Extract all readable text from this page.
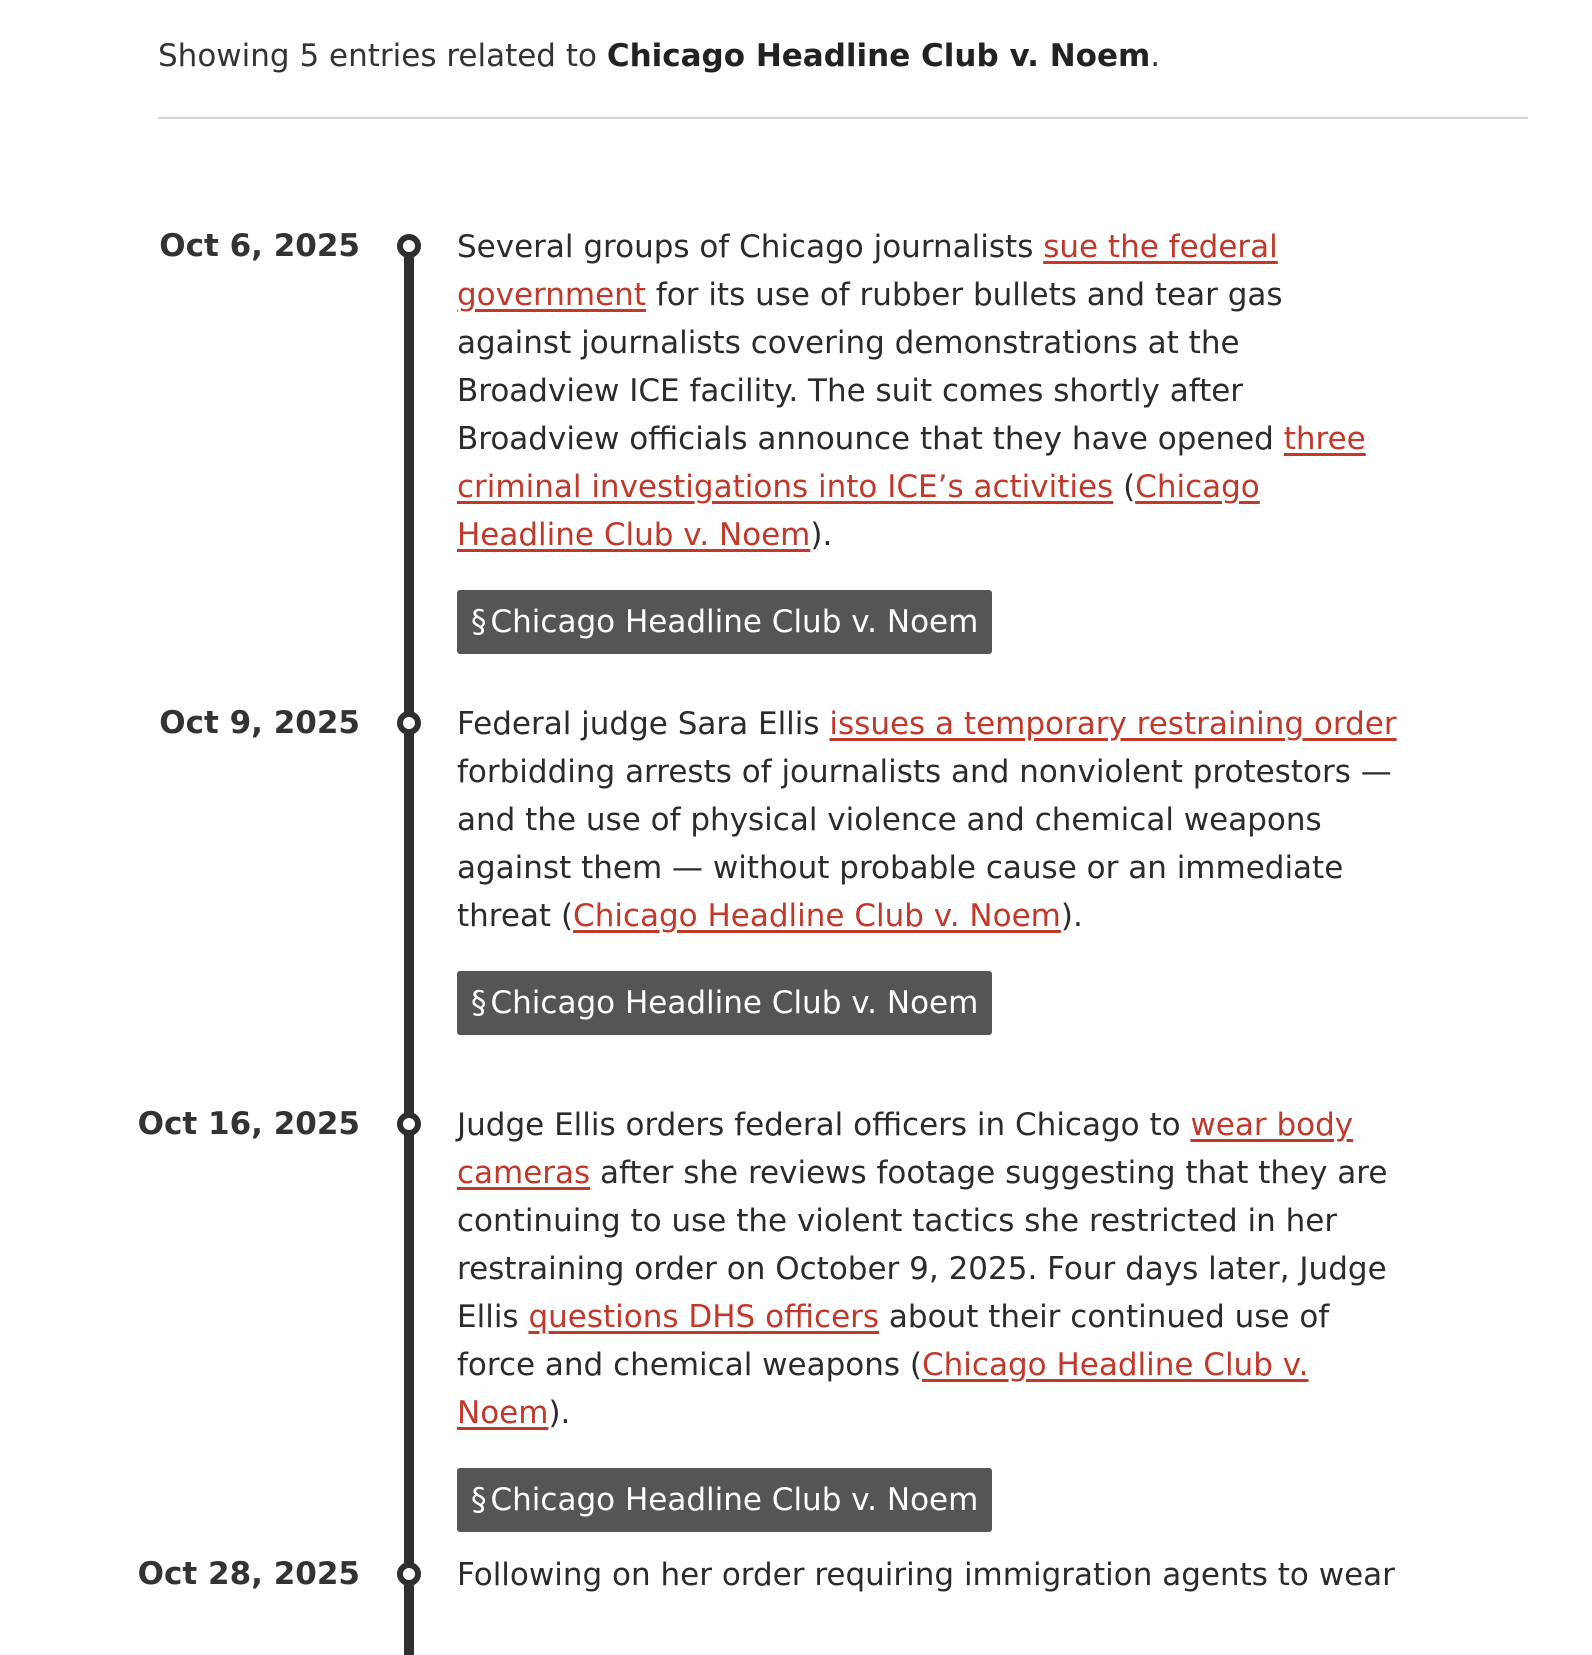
Showing 5 entries related to Chicago Headline Club v. Noem.
Oct 6, 2025	Several groups of Chicago journalists sue the federal government for its use of rubber bullets and tear gas against journalists covering demonstrations at the Broadview ICE facility. The suit comes shortly after Broadview officials announce that they have opened three criminal investigations into ICE’s activities (Chicago Headline Club v. Noem).

§ Chicago Headline Club v. Noem
Oct 9, 2025	Federal judge Sara Ellis issues a temporary restraining order forbidding arrests of journalists and nonviolent protestors — and the use of physical violence and chemical weapons against them — without probable cause or an immediate threat (Chicago Headline Club v. Noem).

§ Chicago Headline Club v. Noem
Oct 16, 2025	Judge Ellis orders federal officers in Chicago to wear body cameras after she reviews footage suggesting that they are continuing to use the violent tactics she restricted in her restraining order on October 9, 2025. Four days later, Judge Ellis questions DHS officers about their continued use of force and chemical weapons (Chicago Headline Club v. Noem).

§ Chicago Headline Club v. Noem
Oct 28, 2025	Following on her order requiring immigration agents to wear
